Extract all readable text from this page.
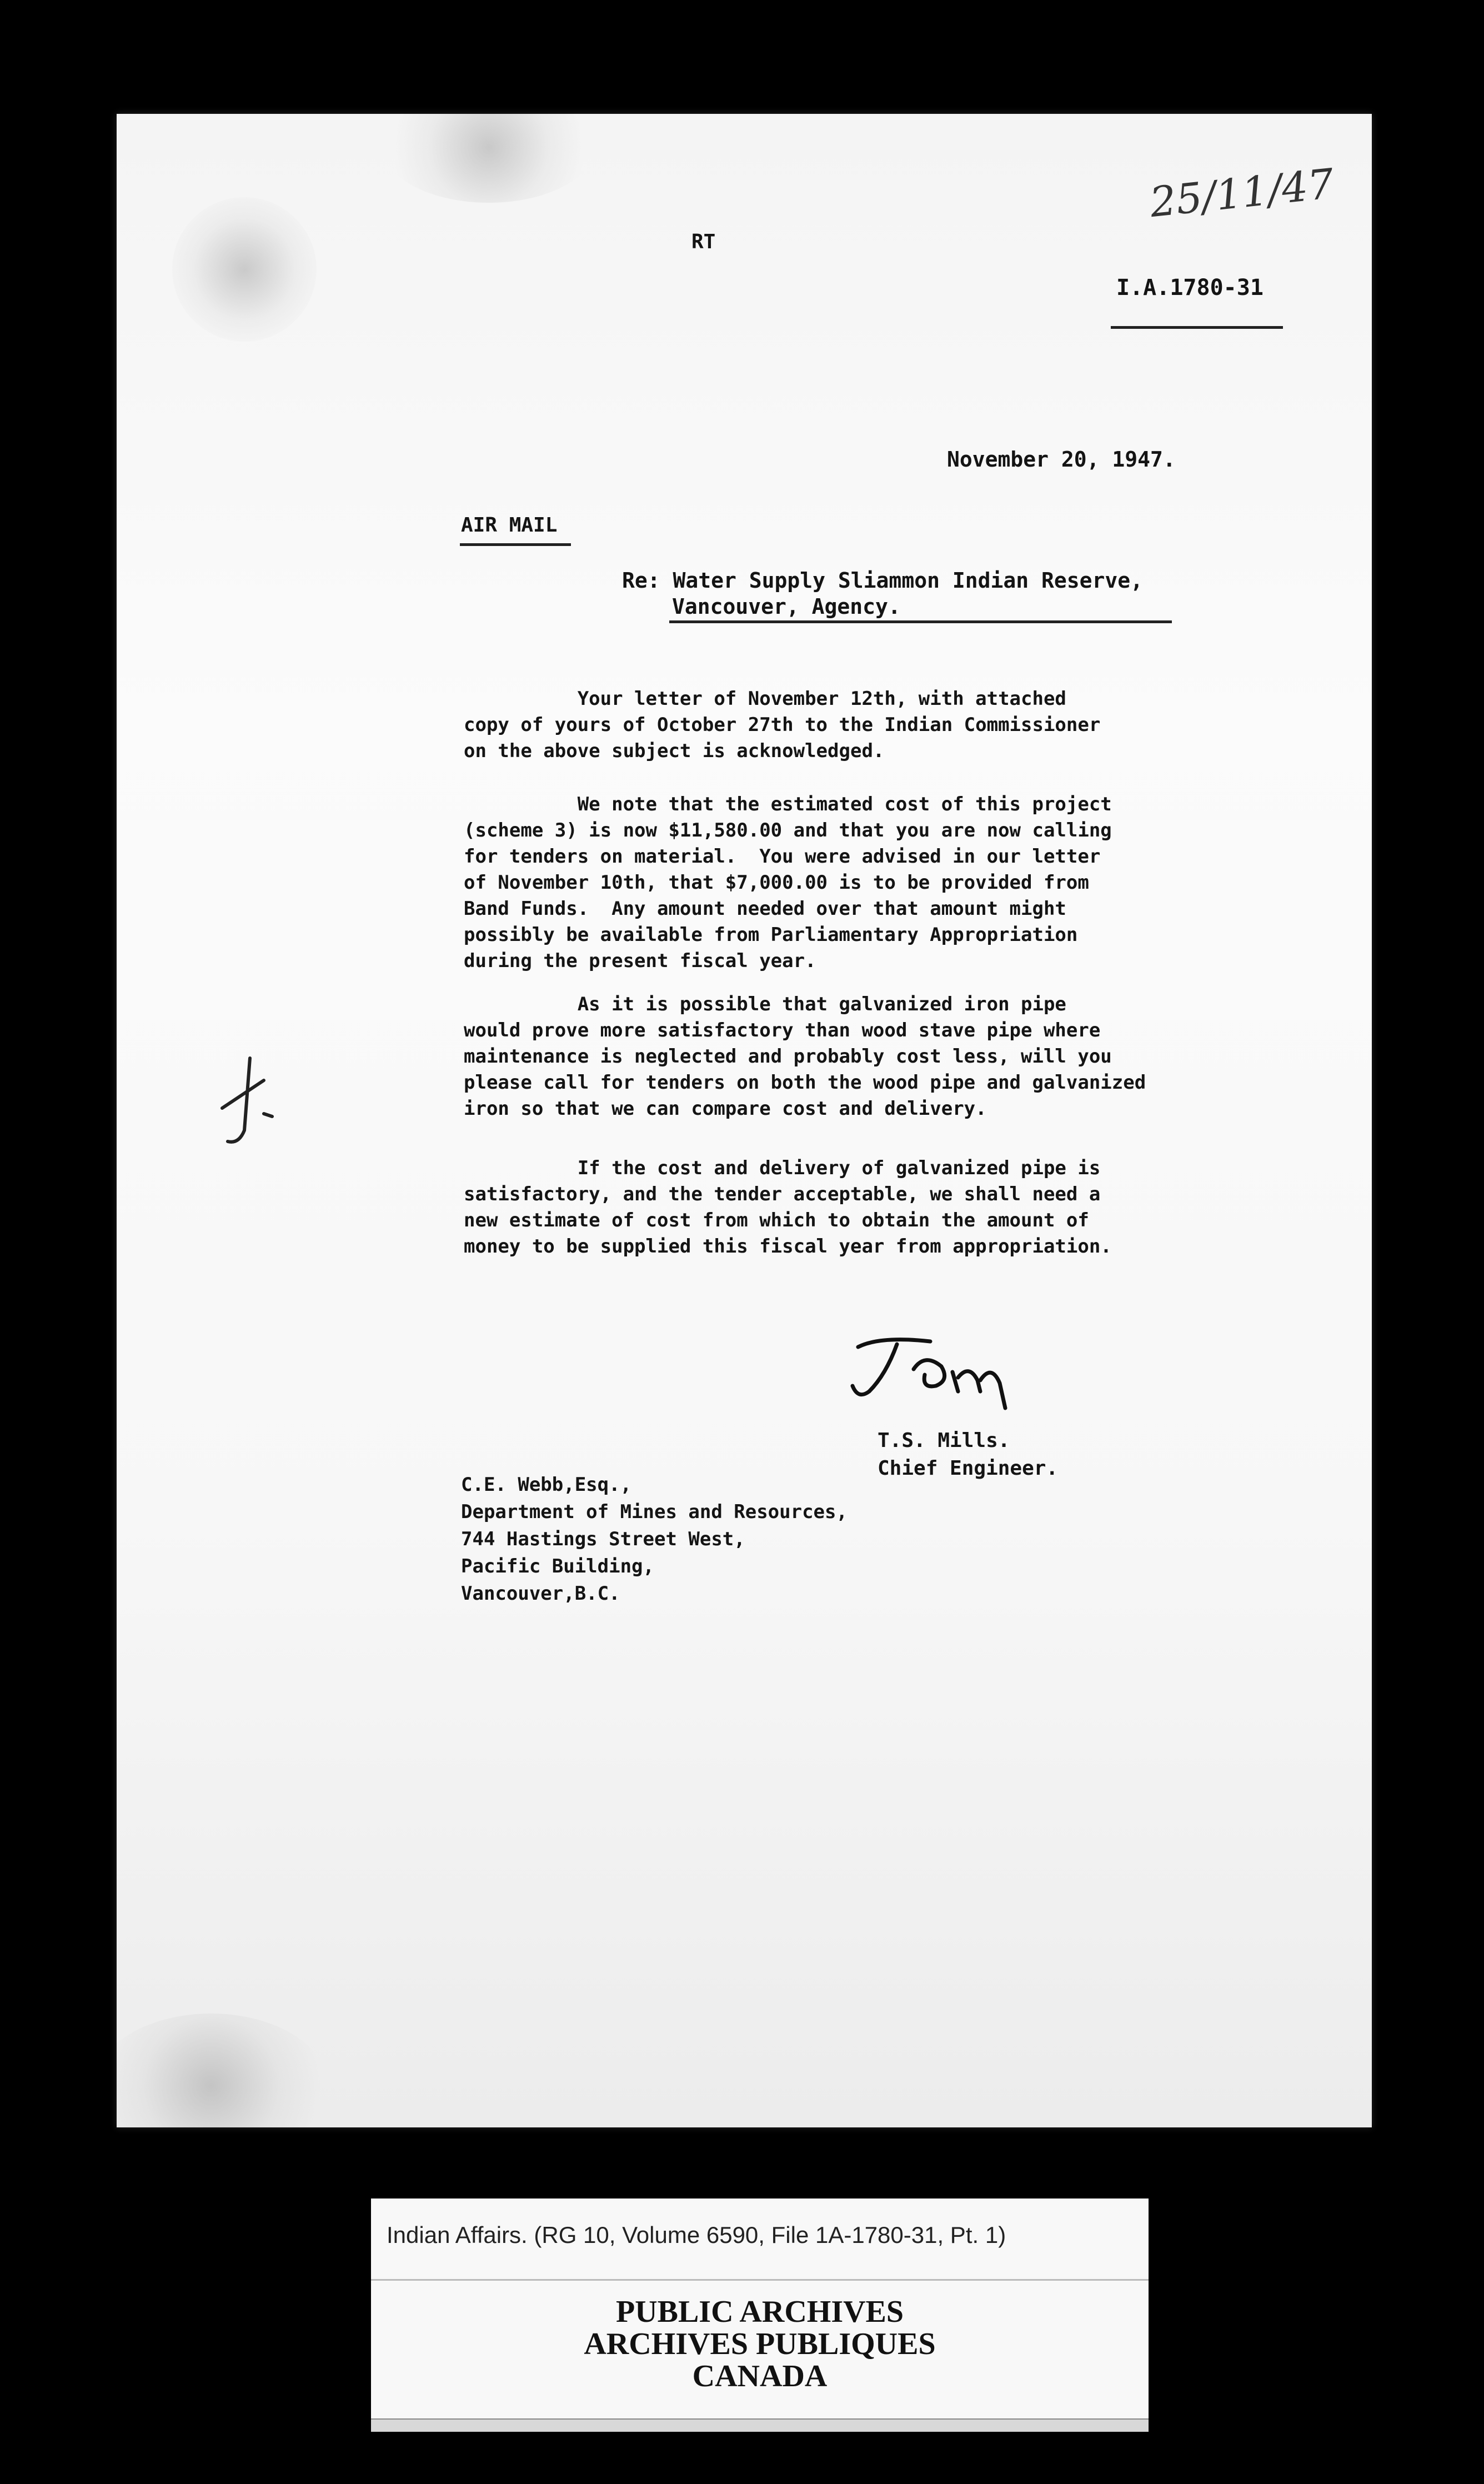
RT
25/11/47
I.A.1780-31
November 20, 1947.
AIR MAIL
Re: Water Supply Sliammon Indian Reserve,
Vancouver, Agency.
Your letter of November 12th, with attached
copy of yours of October 27th to the Indian Commissioner
on the above subject is acknowledged.
We note that the estimated cost of this project
(scheme 3) is now $11,580.00 and that you are now calling
for tenders on material.  You were advised in our letter
of November 10th, that $7,000.00 is to be provided from
Band Funds.  Any amount needed over that amount might
possibly be available from Parliamentary Appropriation
during the present fiscal year.
As it is possible that galvanized iron pipe
would prove more satisfactory than wood stave pipe where
maintenance is neglected and probably cost less, will you
please call for tenders on both the wood pipe and galvanized
iron so that we can compare cost and delivery.
If the cost and delivery of galvanized pipe is
satisfactory, and the tender acceptable, we shall need a
new estimate of cost from which to obtain the amount of
money to be supplied this fiscal year from appropriation.
T.S. Mills.
Chief Engineer.
C.E. Webb,Esq.,
Department of Mines and Resources,
744 Hastings Street West,
Pacific Building,
Vancouver,B.C.
Indian Affairs. (RG 10, Volume 6590, File 1A-1780-31, Pt. 1)
PUBLIC ARCHIVES
ARCHIVES PUBLIQUES
CANADA
